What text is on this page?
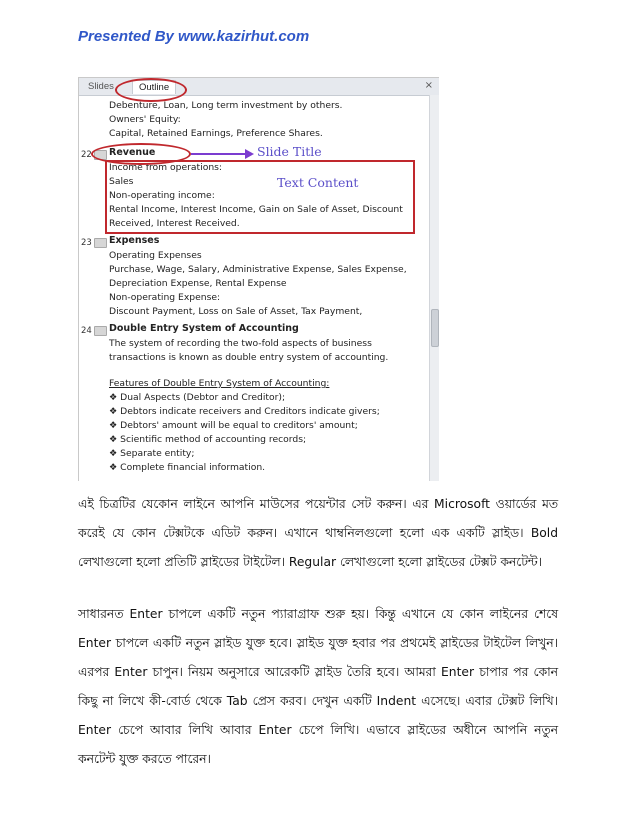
Presented By www.kazirhut.com
Slides	Outline	×
Debenture, Loan, Long term investment by others.
Owners' Equity:
Capital, Retained Earnings, Preference Shares.
22 Revenue
Income from operations:
Sales
Non-operating income:
Rental Income, Interest Income, Gain on Sale of Asset, Discount
Received, Interest Received.
23 Expenses
Operating Expenses
Purchase, Wage, Salary, Administrative Expense, Sales Expense,
Depreciation Expense, Rental Expense
Non-operating Expense:
Discount Payment, Loss on Sale of Asset, Tax Payment,
24 Double Entry System of Accounting
The system of recording the two-fold aspects of business
transactions is known as double entry system of accounting.
Features of Double Entry System of Accounting:
❖ Dual Aspects (Debtor and Creditor);
❖ Debtors indicate receivers and Creditors indicate givers;
❖ Debtors' amount will be equal to creditors' amount;
❖ Scientific method of accounting records;
❖ Separate entity;
❖ Complete financial information.
Slide Title
Text Content
এই চিত্রটির যেকোন লাইনে আপনি মাউসের পয়েন্টার সেট করুন। এর Microsoft ওয়ার্ডের মত করেই যে কোন টেক্সটকে এডিট করুন। এখানে থাম্বনিলগুলো হলো এক একটি স্লাইড। Bold লেখাগুলো হলো প্রতিটি স্লাইডের টাইটেল। Regular লেখাগুলো হলো স্লাইডের টেক্সট কনটেন্ট।
সাধারনত Enter চাপলে একটি নতুন প্যারাগ্রাফ শুরু হয়। কিন্তু এখানে যে কোন লাইনের শেষে Enter চাপলে একটি নতুন স্লাইড যুক্ত হবে। স্লাইড যুক্ত হবার পর প্রথমেই স্লাইডের টাইটেল লিখুন। এরপর Enter চাপুন। নিয়ম অনুসারে আরেকটি স্লাইড তৈরি হবে। আমরা Enter চাপার পর কোন কিছু না লিখে কী-বোর্ড থেকে Tab প্রেস করব। দেখুন একটি Indent এসেছে। এবার টেক্সট লিখি। Enter চেপে আবার লিখি আবার Enter চেপে লিখি। এভাবে স্লাইডের অধীনে আপনি নতুন কনটেন্ট যুক্ত করতে পারেন।
